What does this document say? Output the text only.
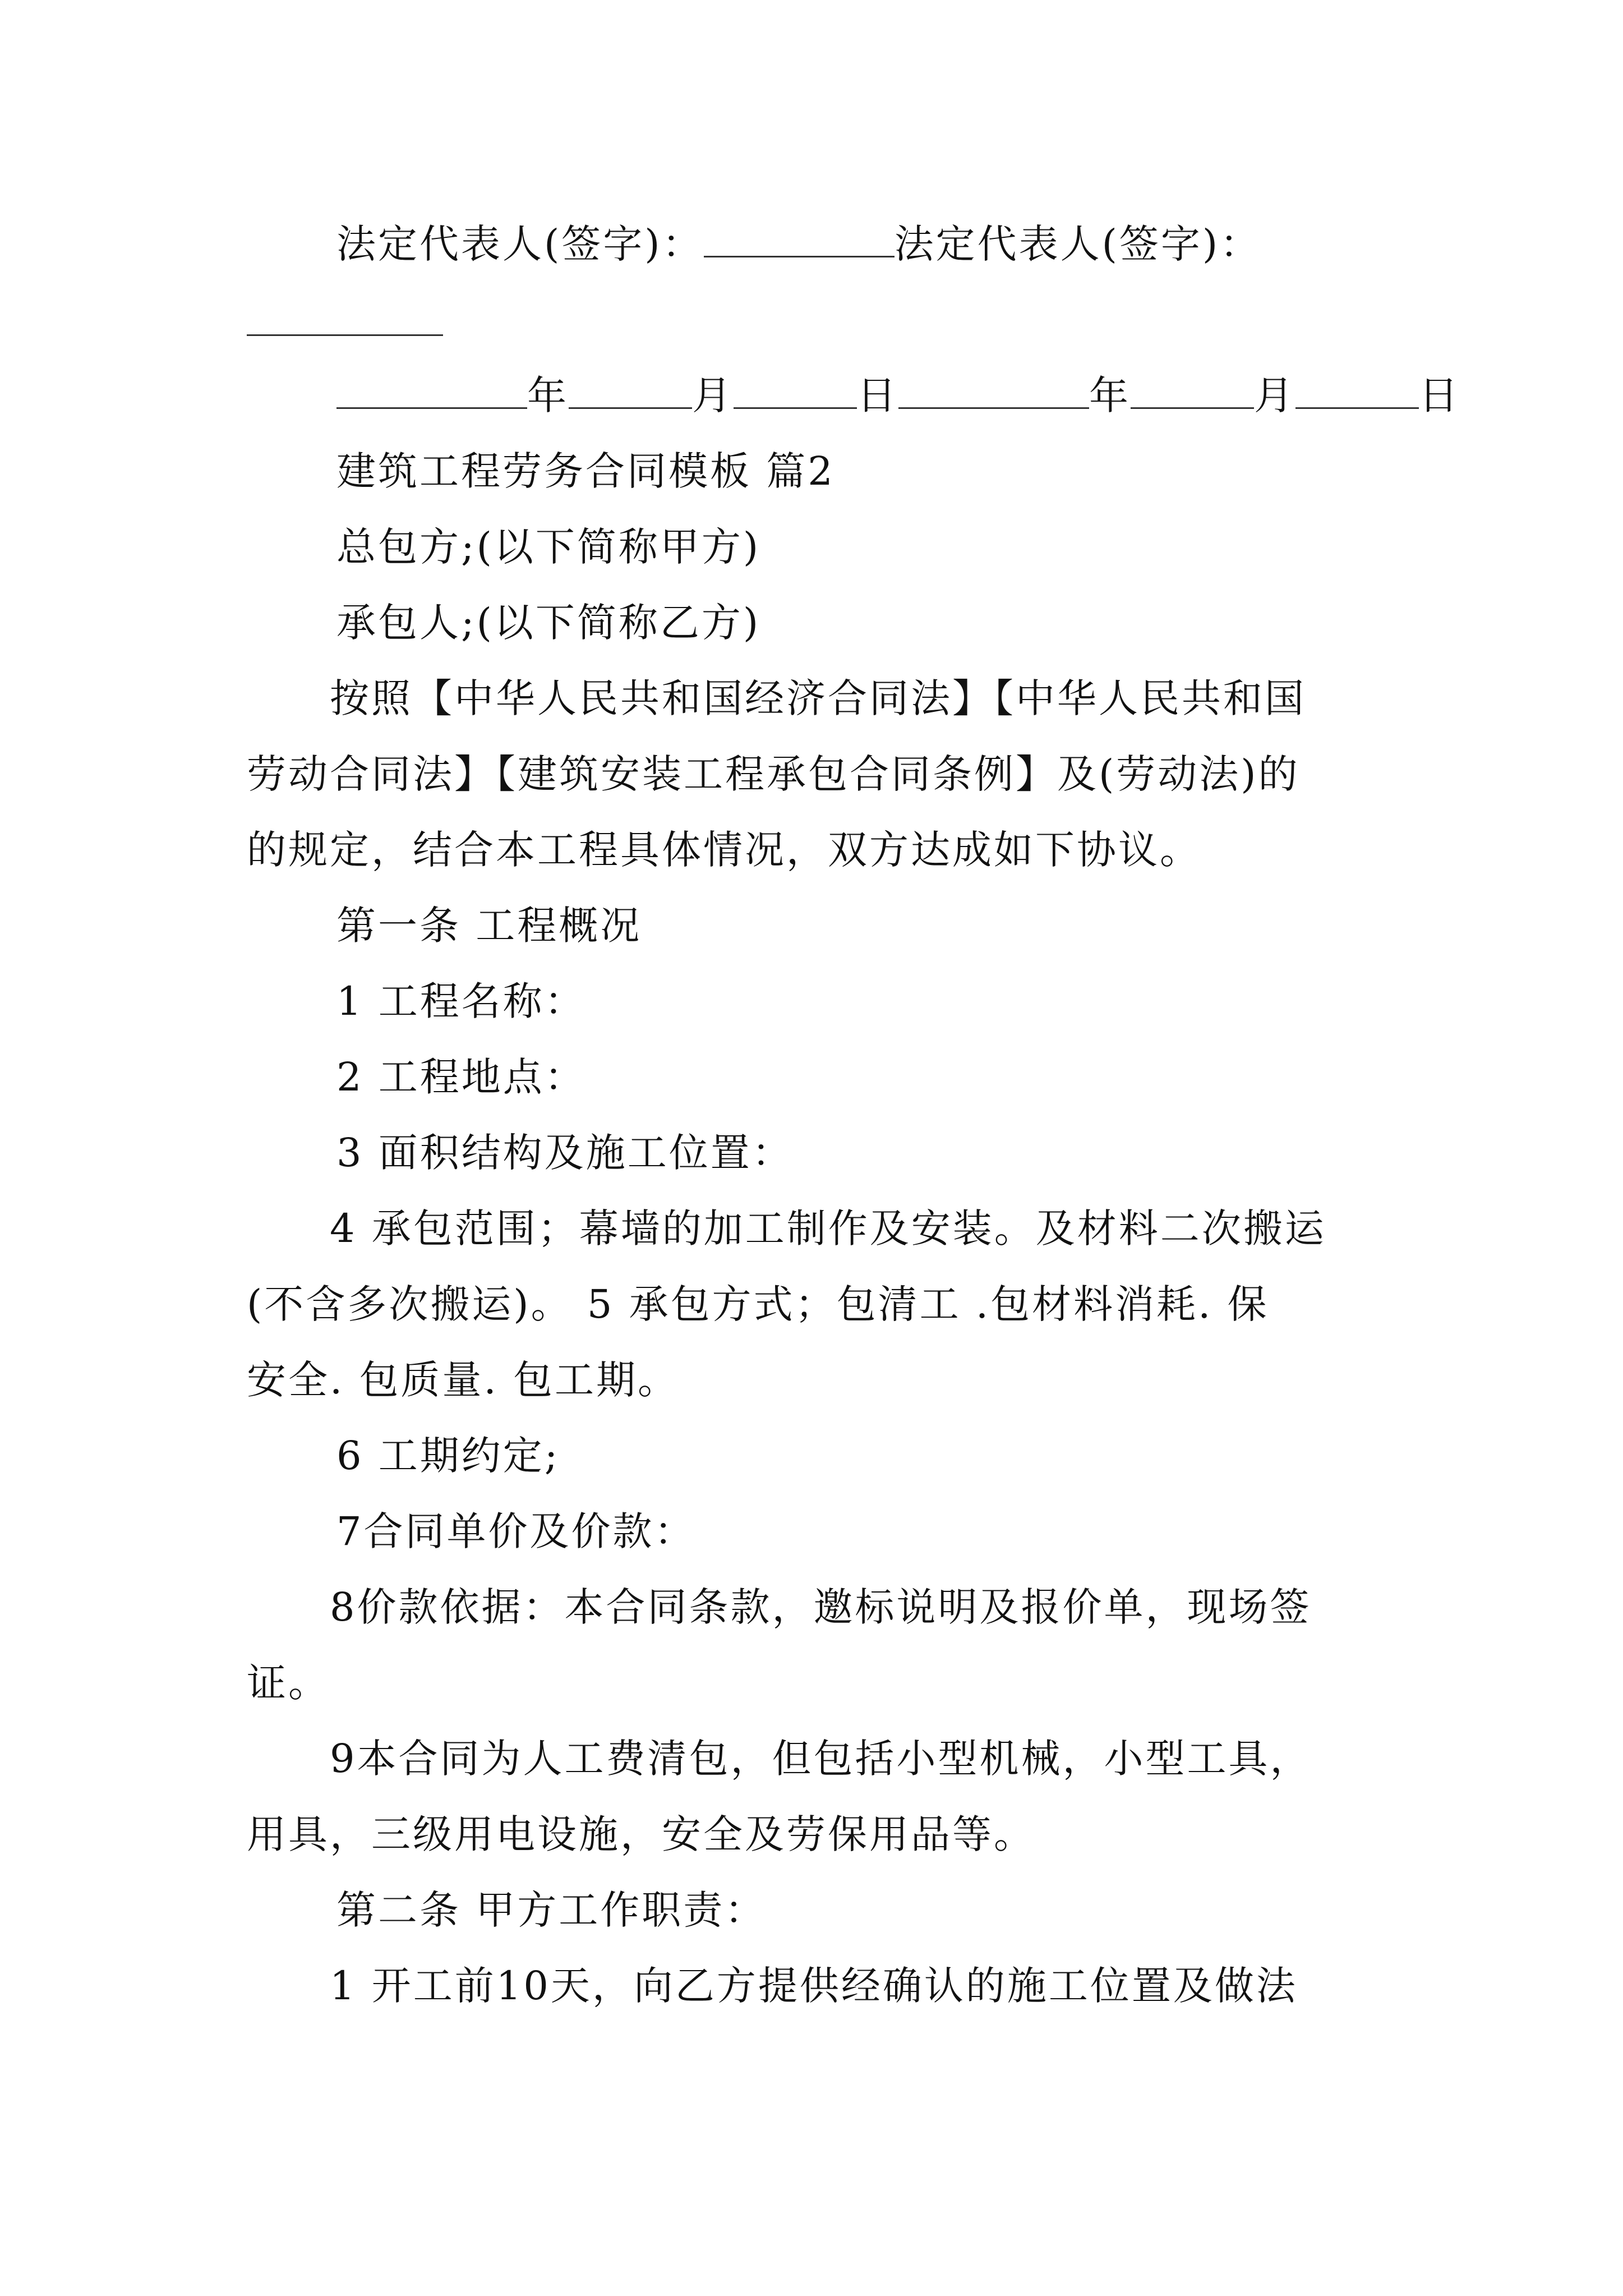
法定代表人(签字)：	法定代表人(签字)：
年	月	日	年	月	日
建筑工程劳务合同模板 篇2
总包方;(以下简称甲方)
承包人;(以下简称乙方)
　　按照【中华人民共和国经济合同法】【中华人民共和国
劳动合同法】【建筑安装工程承包合同条例】及(劳动法)的
的规定，结合本工程具体情况，双方达成如下协议。
第一条 工程概况
1 工程名称：
2 工程地点：
3 面积结构及施工位置：
　　4 承包范围；幕墙的加工制作及安装。及材料二次搬运
(不含多次搬运)。 5 承包方式；包清工 .包材料消耗. 保
安全. 包质量. 包工期。
6 工期约定;
7合同单价及价款：
　　8价款依据：本合同条款，邀标说明及报价单，现场签
证。
　　9本合同为人工费清包，但包括小型机械，小型工具，
用具，三级用电设施，安全及劳保用品等。
第二条 甲方工作职责：
　　1 开工前10天，向乙方提供经确认的施工位置及做法
